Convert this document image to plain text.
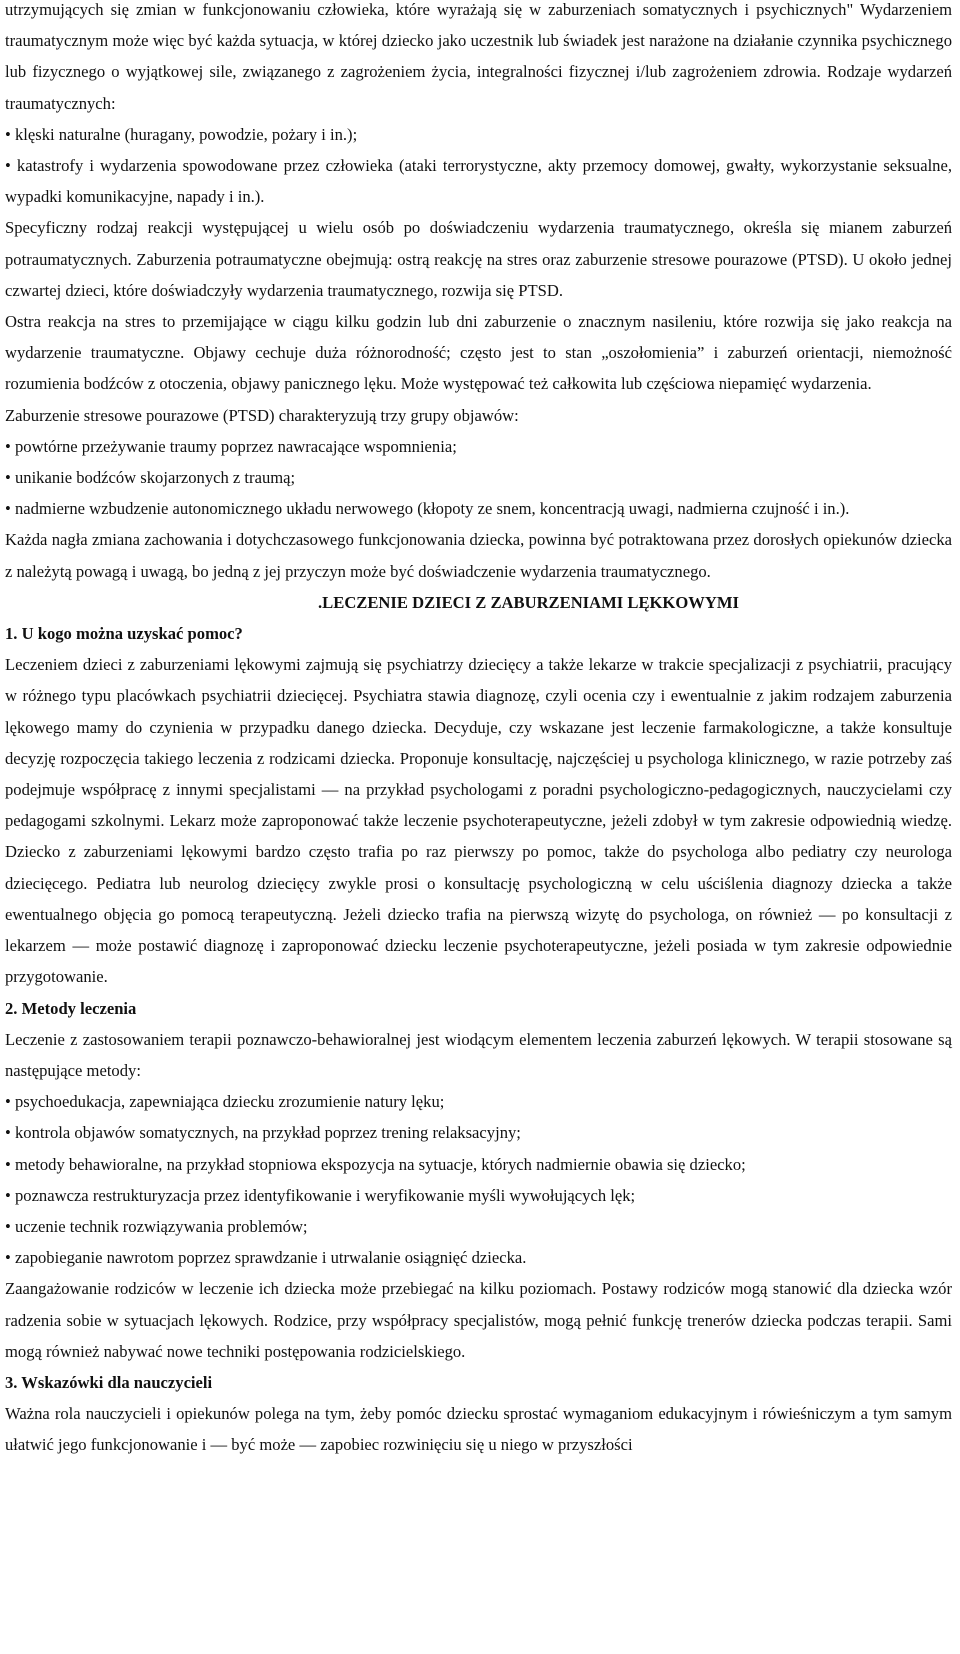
utrzymujących się zmian w funkcjonowaniu człowieka, które wyrażają się w zaburzeniach somatycznych i psychicznych" Wydarzeniem traumatycznym może więc być każda sytuacja, w której dziecko jako uczestnik lub świadek jest narażone na działanie czynnika psychicznego lub fizycznego o wyjątkowej sile, związanego z zagrożeniem życia, integralności fizycznej i/lub zagrożeniem zdrowia. Rodzaje wydarzeń traumatycznych:

• klęski naturalne (huragany, powodzie, pożary i in.);

• katastrofy i wydarzenia spowodowane przez człowieka (ataki terrorystyczne, akty przemocy domowej, gwałty, wykorzystanie seksualne, wypadki komunikacyjne, napady i in.).

Specyficzny rodzaj reakcji występującej u wielu osób po doświadczeniu wydarzenia traumatycznego, określa się mianem zaburzeń potraumatycznych. Zaburzenia potraumatyczne obejmują: ostrą reakcję na stres oraz zaburzenie stresowe pourazowe (PTSD). U około jednej czwartej dzieci, które doświadczyły wydarzenia traumatycznego, rozwija się PTSD.

Ostra reakcja na stres to przemijające w ciągu kilku godzin lub dni zaburzenie o znacznym nasileniu, które rozwija się jako reakcja na wydarzenie traumatyczne. Objawy cechuje duża różnorodność; często jest to stan „oszołomienia” i zaburzeń orientacji, niemożność rozumienia bodźców z otoczenia, objawy panicznego lęku. Może występować też całkowita lub częściowa niepamięć wydarzenia.

Zaburzenie stresowe pourazowe (PTSD) charakteryzują trzy grupy objawów:

• powtórne przeżywanie traumy poprzez nawracające wspomnienia;

• unikanie bodźców skojarzonych z traumą;

• nadmierne wzbudzenie autonomicznego układu nerwowego (kłopoty ze snem, koncentracją uwagi, nadmierna czujność i in.).

Każda nagła zmiana zachowania i dotychczasowego funkcjonowania dziecka, powinna być potraktowana przez dorosłych opiekunów dziecka z należytą powagą i uwagą, bo jedną z jej przyczyn może być doświadczenie wydarzenia traumatycznego.

.LECZENIE DZIECI Z ZABURZENIAMI LĘKKOWYMI
1. U kogo można uzyskać pomoc?

Leczeniem dzieci z zaburzeniami lękowymi zajmują się psychiatrzy dziecięcy a także lekarze w trakcie specjalizacji z psychiatrii, pracujący w różnego typu placówkach psychiatrii dziecięcej. Psychiatra stawia diagnozę, czyli ocenia czy i ewentualnie z jakim rodzajem zaburzenia lękowego mamy do czynienia w przypadku danego dziecka. Decyduje, czy wskazane jest leczenie farmakologiczne, a także konsultuje decyzję rozpoczęcia takiego leczenia z rodzicami dziecka. Proponuje konsultację, najczęściej u psychologa klinicznego, w razie potrzeby zaś podejmuje współpracę z innymi specjalistami — na przykład psychologami z poradni psychologiczno-pedagogicznych, nauczycielami czy pedagogami szkolnymi. Lekarz może zaproponować także leczenie psychoterapeutyczne, jeżeli zdobył w tym zakresie odpowiednią wiedzę. Dziecko z zaburzeniami lękowymi bardzo często trafia po raz pierwszy po pomoc, także do psychologa albo pediatry czy neurologa dziecięcego. Pediatra lub neurolog dziecięcy zwykle prosi o konsultację psychologiczną w celu uściślenia diagnozy dziecka a także ewentualnego objęcia go pomocą terapeutyczną. Jeżeli dziecko trafia na pierwszą wizytę do psychologa, on również — po konsultacji z lekarzem — może postawić diagnozę i zaproponować dziecku leczenie psychoterapeutyczne, jeżeli posiada w tym zakresie odpowiednie przygotowanie.

2. Metody leczenia

Leczenie z zastosowaniem terapii poznawczo-behawioralnej jest wiodącym elementem leczenia zaburzeń lękowych. W terapii stosowane są następujące metody:

• psychoedukacja, zapewniająca dziecku zrozumienie natury lęku;

• kontrola objawów somatycznych, na przykład poprzez trening relaksacyjny;

• metody behawioralne, na przykład stopniowa ekspozycja na sytuacje, których nadmiernie obawia się dziecko;

• poznawcza restrukturyzacja przez identyfikowanie i weryfikowanie myśli wywołujących lęk;

• uczenie technik rozwiązywania problemów;

• zapobieganie nawrotom poprzez sprawdzanie i utrwalanie osiągnięć dziecka.

Zaangażowanie rodziców w leczenie ich dziecka może przebiegać na kilku poziomach. Postawy rodziców mogą stanowić dla dziecka wzór radzenia sobie w sytuacjach lękowych. Rodzice, przy współpracy specjalistów, mogą pełnić funkcję trenerów dziecka podczas terapii. Sami mogą również nabywać nowe techniki postępowania rodzicielskiego.

3. Wskazówki dla nauczycieli

Ważna rola nauczycieli i opiekunów polega na tym, żeby pomóc dziecku sprostać wymaganiom edukacyjnym i rówieśniczym a tym samym ułatwić jego funkcjonowanie i — być może — zapobiec rozwinięciu się u niego w przyszłości
